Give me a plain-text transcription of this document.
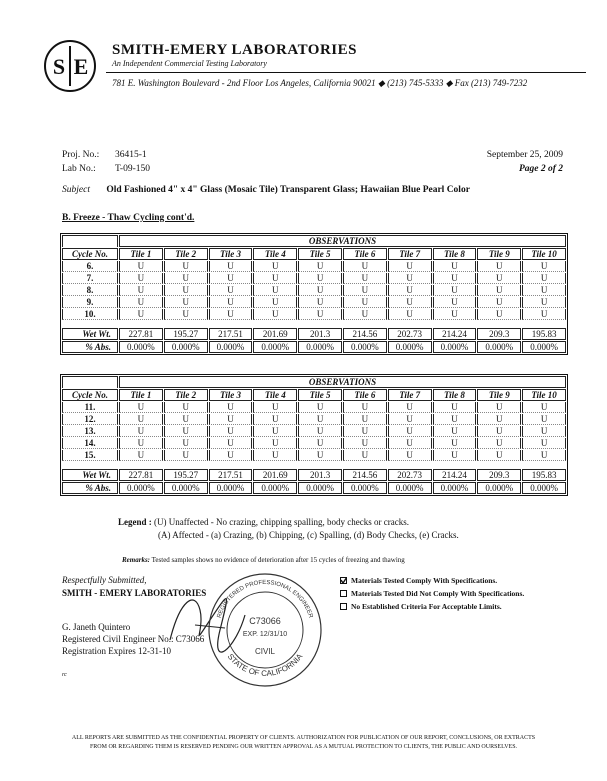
S E
SMITH-EMERY LABORATORIES
An Independent Commercial Testing Laboratory
781 E. Washington Boulevard - 2nd Floor Los Angeles, California 90021 ◆ (213) 745-5333 ◆ Fax (213) 749-7232
Proj. No.: 36415-1
Lab No.: T-09-150
September 25, 2009
Page 2 of 2
Subject Old Fashioned 4" x 4" Glass (Mosaic Tile) Transparent Glass; Hawaiian Blue Pearl Color
B. Freeze - Thaw Cycling cont'd.
	OBSERVATIONS									
Cycle No.	Tile 1	Tile 2	Tile 3	Tile 4	Tile 5	Tile 6	Tile 7	Tile 8	Tile 9	Tile 10
6.	U	U	U	U	U	U	U	U	U	U
7.	U	U	U	U	U	U	U	U	U	U
8.	U	U	U	U	U	U	U	U	U	U
9.	U	U	U	U	U	U	U	U	U	U
10.	U	U	U	U	U	U	U	U	U	U

Wet Wt.	227.81	195.27	217.51	201.69	201.3	214.56	202.73	214.24	209.3	195.83
% Abs.	0.000%	0.000%	0.000%	0.000%	0.000%	0.000%	0.000%	0.000%	0.000%	0.000%
	OBSERVATIONS									
Cycle No.	Tile 1	Tile 2	Tile 3	Tile 4	Tile 5	Tile 6	Tile 7	Tile 8	Tile 9	Tile 10
11.	U	U	U	U	U	U	U	U	U	U
12.	U	U	U	U	U	U	U	U	U	U
13.	U	U	U	U	U	U	U	U	U	U
14.	U	U	U	U	U	U	U	U	U	U
15.	U	U	U	U	U	U	U	U	U	U

Wet Wt.	227.81	195.27	217.51	201.69	201.3	214.56	202.73	214.24	209.3	195.83
% Abs.	0.000%	0.000%	0.000%	0.000%	0.000%	0.000%	0.000%	0.000%	0.000%	0.000%
Legend : (U) Unaffected - No crazing, chipping spalling, body checks or cracks.
(A) Affected - (a) Crazing, (b) Chipping, (c) Spalling, (d) Body Checks, (e) Cracks.
Remarks: Tested samples shows no evidence of deterioration after 15 cycles of freezing and thawing
Respectfully Submitted,
SMITH - EMERY LABORATORIES
G. Janeth Quintero
Registered Civil Engineer No.: C73066
Registration Expires 12-31-10
rc
C73066
EXP. 12/31/10
CIVIL
REGISTERED PROFESSIONAL ENGINEER
STATE OF CALIFORNIA
Materials Tested Comply With Specifications.
Materials Tested Did Not Comply With Specifications.
No Established Criteria For Acceptable Limits.
ALL REPORTS ARE SUBMITTED AS THE CONFIDENTIAL PROPERTY OF CLIENTS. AUTHORIZATION FOR PUBLICATION OF OUR REPORT, CONCLUSIONS, OR EXTRACTS
FROM OR REGARDING THEM IS RESERVED PENDING OUR WRITTEN APPROVAL AS A MUTUAL PROTECTION TO CLIENTS, THE PUBLIC AND OURSELVES.
